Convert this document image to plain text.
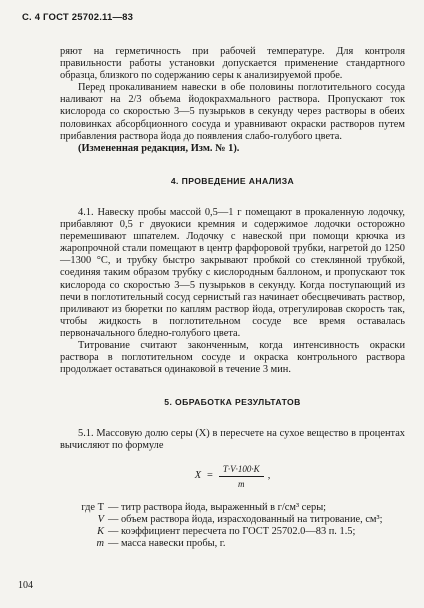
С. 4 ГОСТ 25702.11—83

ряют на герметичность при рабочей температуре. Для контроля правильности работы установки допускается применение стандартного образца, близкого по содержанию серы к анализируемой пробе.

Перед прокаливанием навески в обе половины поглотительного сосуда наливают на 2/3 объема йодокрахмального раствора. Пропускают ток кислорода со скоростью 3—5 пузырьков в секунду через растворы в обеих половинках абсорбционного сосуда и уравнивают окраски растворов путем прибавления раствора йода до появления слабо-голубого цвета.

(Измененная редакция, Изм. № 1).

4. ПРОВЕДЕНИЕ АНАЛИЗА

4.1. Навеску пробы массой 0,5—1 г помещают в прокаленную лодочку, прибавляют 0,5 г двуокиси кремния и содержимое лодочки осторожно перемешивают шпателем. Лодочку с навеской при помощи крючка из жаропрочной стали помещают в центр фарфоровой трубки, нагретой до 1250—1300 °С, и трубку быстро закрывают пробкой со стеклянной трубкой, соединяя таким образом трубку с кислородным баллоном, и пропускают ток кислорода со скоростью 3—5 пузырьков в секунду. Когда поступающий из печи в поглотительный сосуд сернистый газ начинает обесцвечивать раствор, приливают из бюретки по каплям раствор йода, отрегулировав скорость так, чтобы жидкость в поглотительном сосуде все время оставалась первоначального бледно-голубого цвета.

Титрование считают законченным, когда интенсивность окраски раствора в поглотительном сосуде и окраска контрольного раствора продолжает оставаться одинаковой в течение 3 мин.

5. ОБРАБОТКА РЕЗУЛЬТАТОВ

5.1. Массовую долю серы (X) в пересчете на сухое вещество в процентах вычисляют по формуле

$X = \frac{T\cdot V\cdot 100\cdot K}{m}$ ,
где T — титр раствора йода, выраженный в г/см³ серы;
V — объем раствора йода, израсходованный на титрование, см³;
K — коэффициент пересчета по ГОСТ 25702.0—83 п. 1.5;
m — масса навески пробы, г.
104
